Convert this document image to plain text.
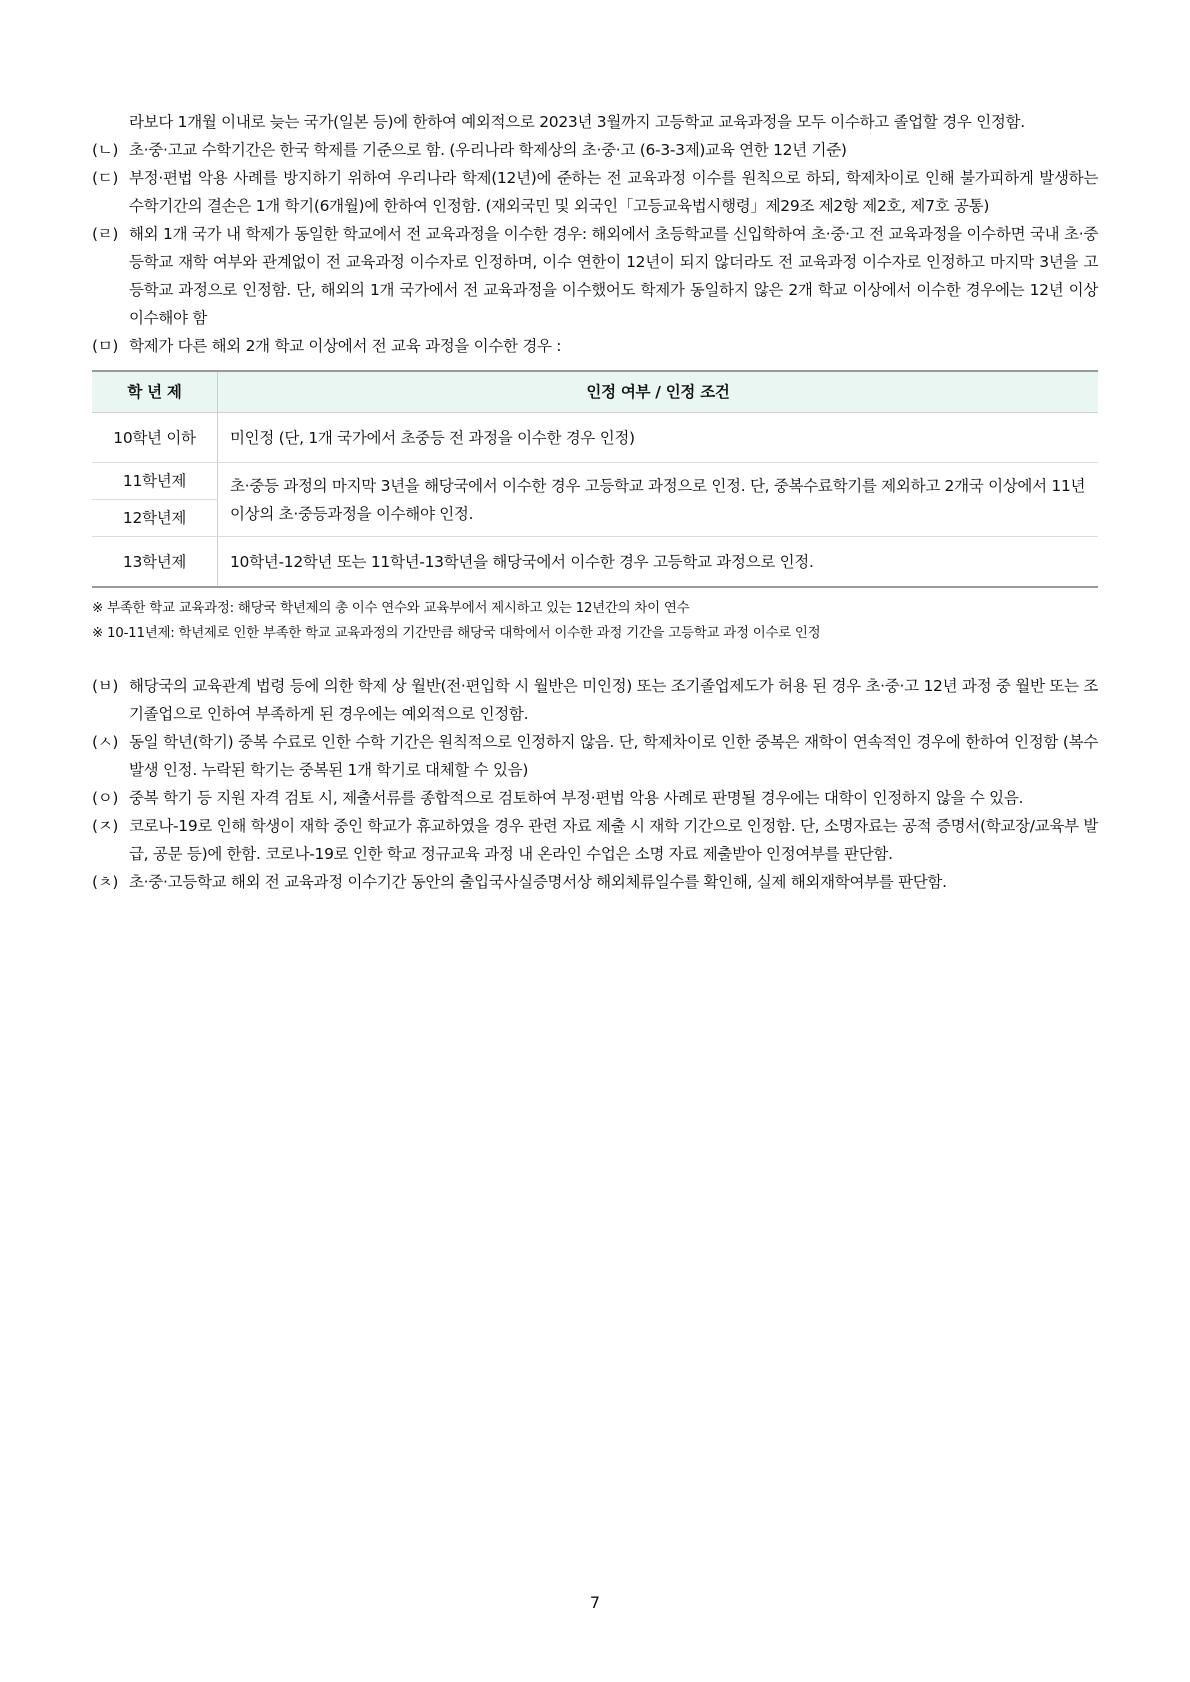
라보다 1개월 이내로 늦는 국가(일본 등)에 한하여 예외적으로 2023년 3월까지 고등학교 교육과정을 모두 이수하고 졸업할 경우 인정함.
(ㄴ) 초·중·고교 수학기간은 한국 학제를 기준으로 함. (우리나라 학제상의 초·중·고 (6-3-3제)교육 연한 12년 기준)
(ㄷ) 부정·편법 악용 사례를 방지하기 위하여 우리나라 학제(12년)에 준하는 전 교육과정 이수를 원칙으로 하되, 학제차이로 인해 불가피하게 발생하는 수학기간의 결손은 1개 학기(6개월)에 한하여 인정함. (재외국민 및 외국인「고등교육법시행령」제29조 제2항 제2호, 제7호 공통)
(ㄹ) 해외 1개 국가 내 학제가 동일한 학교에서 전 교육과정을 이수한 경우: 해외에서 초등학교를 신입학하여 초·중·고 전 교육과정을 이수하면 국내 초·중등학교 재학 여부와 관계없이 전 교육과정 이수자로 인정하며, 이수 연한이 12년이 되지 않더라도 전 교육과정 이수자로 인정하고 마지막 3년을 고등학교 과정으로 인정함. 단, 해외의 1개 국가에서 전 교육과정을 이수했어도 학제가 동일하지 않은 2개 학교 이상에서 이수한 경우에는 12년 이상 이수해야 함
(ㅁ) 학제가 다른 해외 2개 학교 이상에서 전 교육 과정을 이수한 경우 :
학 년 제	인정 여부 / 인정 조건
10학년 이하	미인정 (단, 1개 국가에서 초중등 전 과정을 이수한 경우 인정)
11학년제	초·중등 과정의 마지막 3년을 해당국에서 이수한 경우 고등학교 과정으로 인정. 단, 중복수료학기를 제외하고 2개국 이상에서 11년 이상의 초·중등과정을 이수해야 인정.
12학년제	
13학년제	10학년-12학년 또는 11학년-13학년을 해당국에서 이수한 경우 고등학교 과정으로 인정.
※ 부족한 학교 교육과정: 해당국 학년제의 총 이수 연수와 교육부에서 제시하고 있는 12년간의 차이 연수
※ 10-11년제: 학년제로 인한 부족한 학교 교육과정의 기간만큼 해당국 대학에서 이수한 과정 기간을 고등학교 과정 이수로 인정
(ㅂ) 해당국의 교육관계 법령 등에 의한 학제 상 월반(전·편입학 시 월반은 미인정) 또는 조기졸업제도가 허용 된 경우 초·중·고 12년 과정 중 월반 또는 조기졸업으로 인하여 부족하게 된 경우에는 예외적으로 인정함.
(ㅅ) 동일 학년(학기) 중복 수료로 인한 수학 기간은 원칙적으로 인정하지 않음. 단, 학제차이로 인한 중복은 재학이 연속적인 경우에 한하여 인정함 (복수 발생 인정. 누락된 학기는 중복된 1개 학기로 대체할 수 있음)
(ㅇ) 중복 학기 등 지원 자격 검토 시, 제출서류를 종합적으로 검토하여 부정·편법 악용 사례로 판명될 경우에는 대학이 인정하지 않을 수 있음.
(ㅈ) 코로나-19로 인해 학생이 재학 중인 학교가 휴교하였을 경우 관련 자료 제출 시 재학 기간으로 인정함. 단, 소명자료는 공적 증명서(학교장/교육부 발급, 공문 등)에 한함. 코로나-19로 인한 학교 정규교육 과정 내 온라인 수업은 소명 자료 제출받아 인정여부를 판단함.
(ㅊ) 초·중·고등학교 해외 전 교육과정 이수기간 동안의 출입국사실증명서상 해외체류일수를 확인해, 실제 해외재학여부를 판단함.
7
